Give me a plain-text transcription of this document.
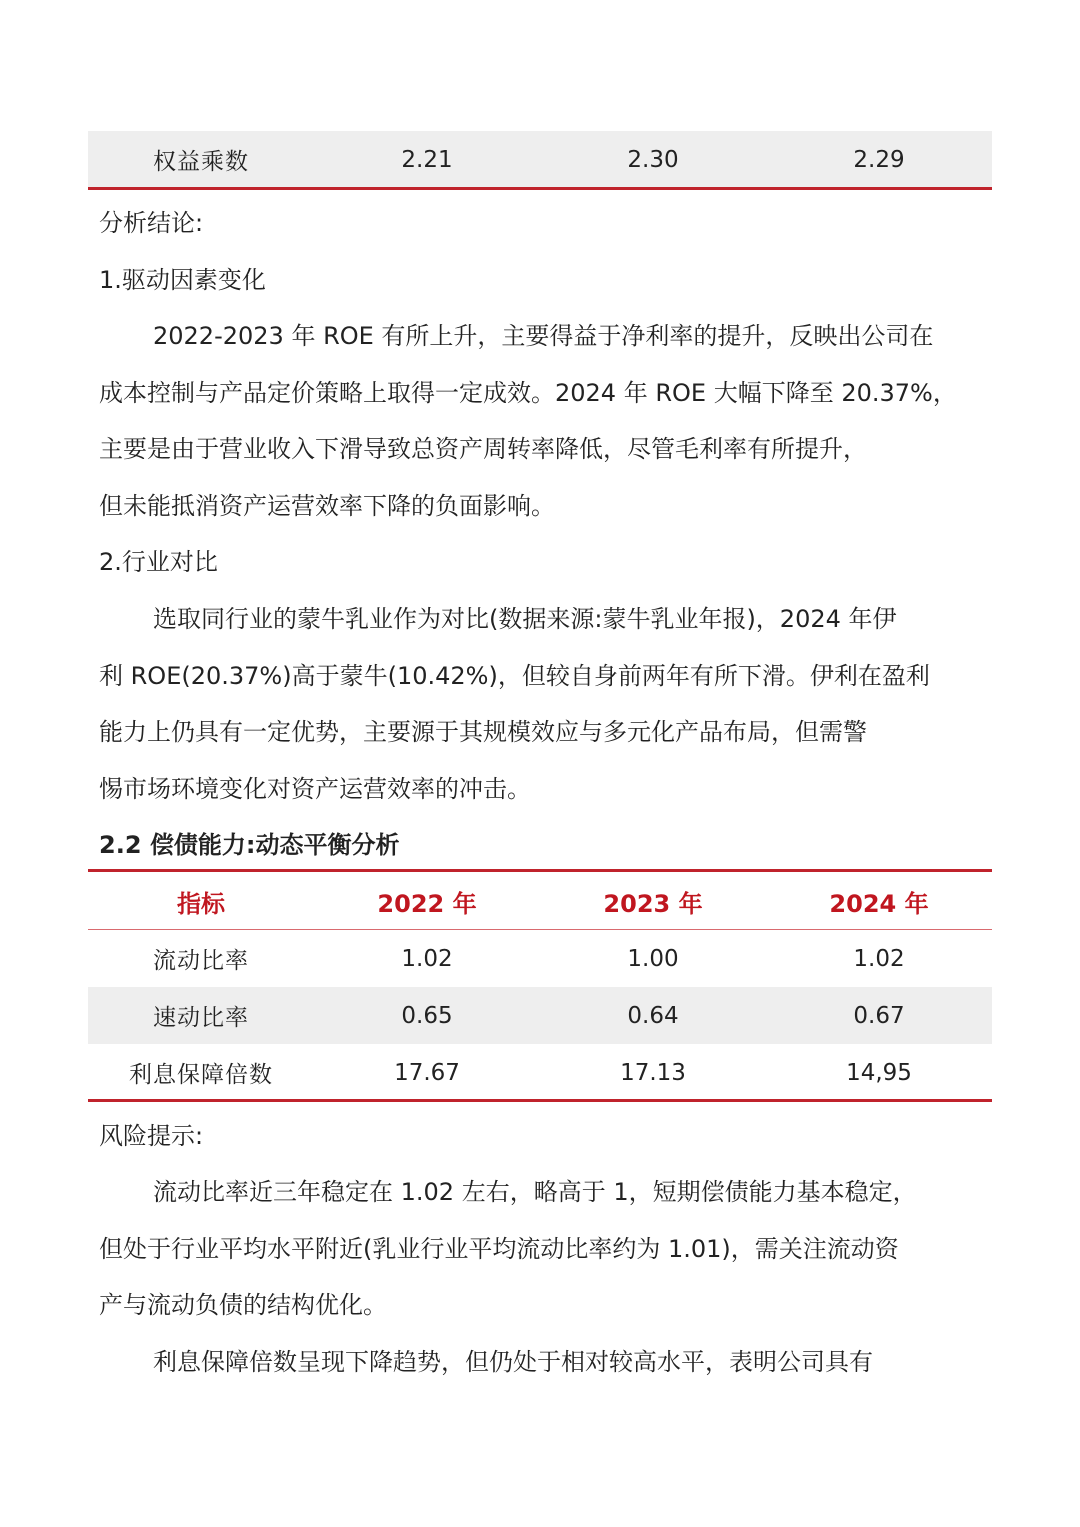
权益乘数	2.21	2.30	2.29
分析结论:
1.驱动因素变化
2022-2023 年 ROE 有所上升，主要得益于净利率的提升，反映出公司在
成本控制与产品定价策略上取得一定成效。2024 年 ROE 大幅下降至 20.37%，
主要是由于营业收入下滑导致总资产周转率降低，尽管毛利率有所提升，
但未能抵消资产运营效率下降的负面影响。
2.行业对比
选取同行业的蒙牛乳业作为对比(数据来源:蒙牛乳业年报)，2024 年伊
利 ROE(20.37%)高于蒙牛(10.42%)，但较自身前两年有所下滑。伊利在盈利
能力上仍具有一定优势，主要源于其规模效应与多元化产品布局，但需警
惕市场环境变化对资产运营效率的冲击。
2.2 偿债能力:动态平衡分析
指标	2022 年	2023 年	2024 年
流动比率	1.02	1.00	1.02
速动比率	0.65	0.64	0.67
利息保障倍数	17.67	17.13	14,95
风险提示:
流动比率近三年稳定在 1.02 左右，略高于 1，短期偿债能力基本稳定，
但处于行业平均水平附近(乳业行业平均流动比率约为 1.01)，需关注流动资
产与流动负债的结构优化。
利息保障倍数呈现下降趋势，但仍处于相对较高水平，表明公司具有
